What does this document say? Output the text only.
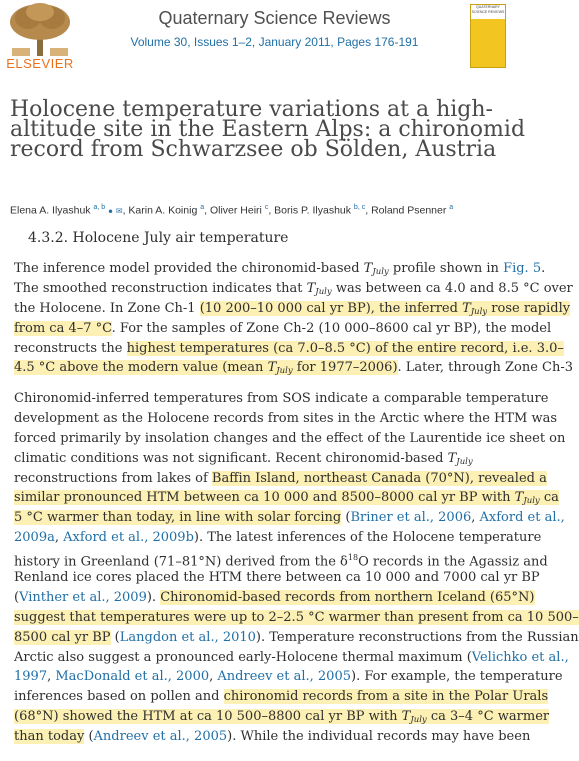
ELSEVIER
Quaternary Science Reviews
Volume 30, Issues 1–2, January 2011, Pages 176-191
QUATERNARY SCIENCE REVIEWS
Holocene temperature variations at a high-
altitude site in the Eastern Alps: a chironomid
record from Schwarzsee ob Sölden, Austria
Elena A. Ilyashuk $^{a, b}$ ● ✉, Karin A. Koinig $^a$, Oliver Heiri $^c$, Boris P. Ilyashuk $^{b, c}$, Roland Psenner $^a$
4.3.2. Holocene July air temperature
The inference model provided the chironomid-based $T_{July}$ profile shown in Fig. 5.
The smoothed reconstruction indicates that $T_{July}$ was between ca 4.0 and 8.5 °C over
the Holocene. In Zone Ch-1 (10 200–10 000 cal yr BP), the inferred $T_{July}$ rose rapidly
from ca 4–7 °C. For the samples of Zone Ch-2 (10 000–8600 cal yr BP), the model
reconstructs the highest temperatures (ca 7.0–8.5 °C) of the entire record, i.e. 3.0–
4.5 °C above the modern value (mean $T_{July}$ for 1977–2006). Later, through Zone Ch-3
Chironomid-inferred temperatures from SOS indicate a comparable temperature
development as the Holocene records from sites in the Arctic where the HTM was
forced primarily by insolation changes and the effect of the Laurentide ice sheet on
climatic conditions was not significant. Recent chironomid-based $T_{July}$
reconstructions from lakes of Baffin Island, northeast Canada (70°N), revealed a
similar pronounced HTM between ca 10 000 and 8500–8000 cal yr BP with $T_{July}$ ca
5 °C warmer than today, in line with solar forcing (Briner et al., 2006, Axford et al.,
2009a, Axford et al., 2009b). The latest inferences of the Holocene temperature
history in Greenland (71–81°N) derived from the $\delta^{18}O$ records in the Agassiz and
Renland ice cores placed the HTM there between ca 10 000 and 7000 cal yr BP
(Vinther et al., 2009). Chironomid-based records from northern Iceland (65°N)
suggest that temperatures were up to 2–2.5 °C warmer than present from ca 10 500–
8500 cal yr BP (Langdon et al., 2010). Temperature reconstructions from the Russian
Arctic also suggest a pronounced early-Holocene thermal maximum (Velichko et al.,
1997, MacDonald et al., 2000, Andreev et al., 2005). For example, the temperature
inferences based on pollen and chironomid records from a site in the Polar Urals
(68°N) showed the HTM at ca 10 500–8800 cal yr BP with $T_{July}$ ca 3–4 °C warmer
than today (Andreev et al., 2005). While the individual records may have been
